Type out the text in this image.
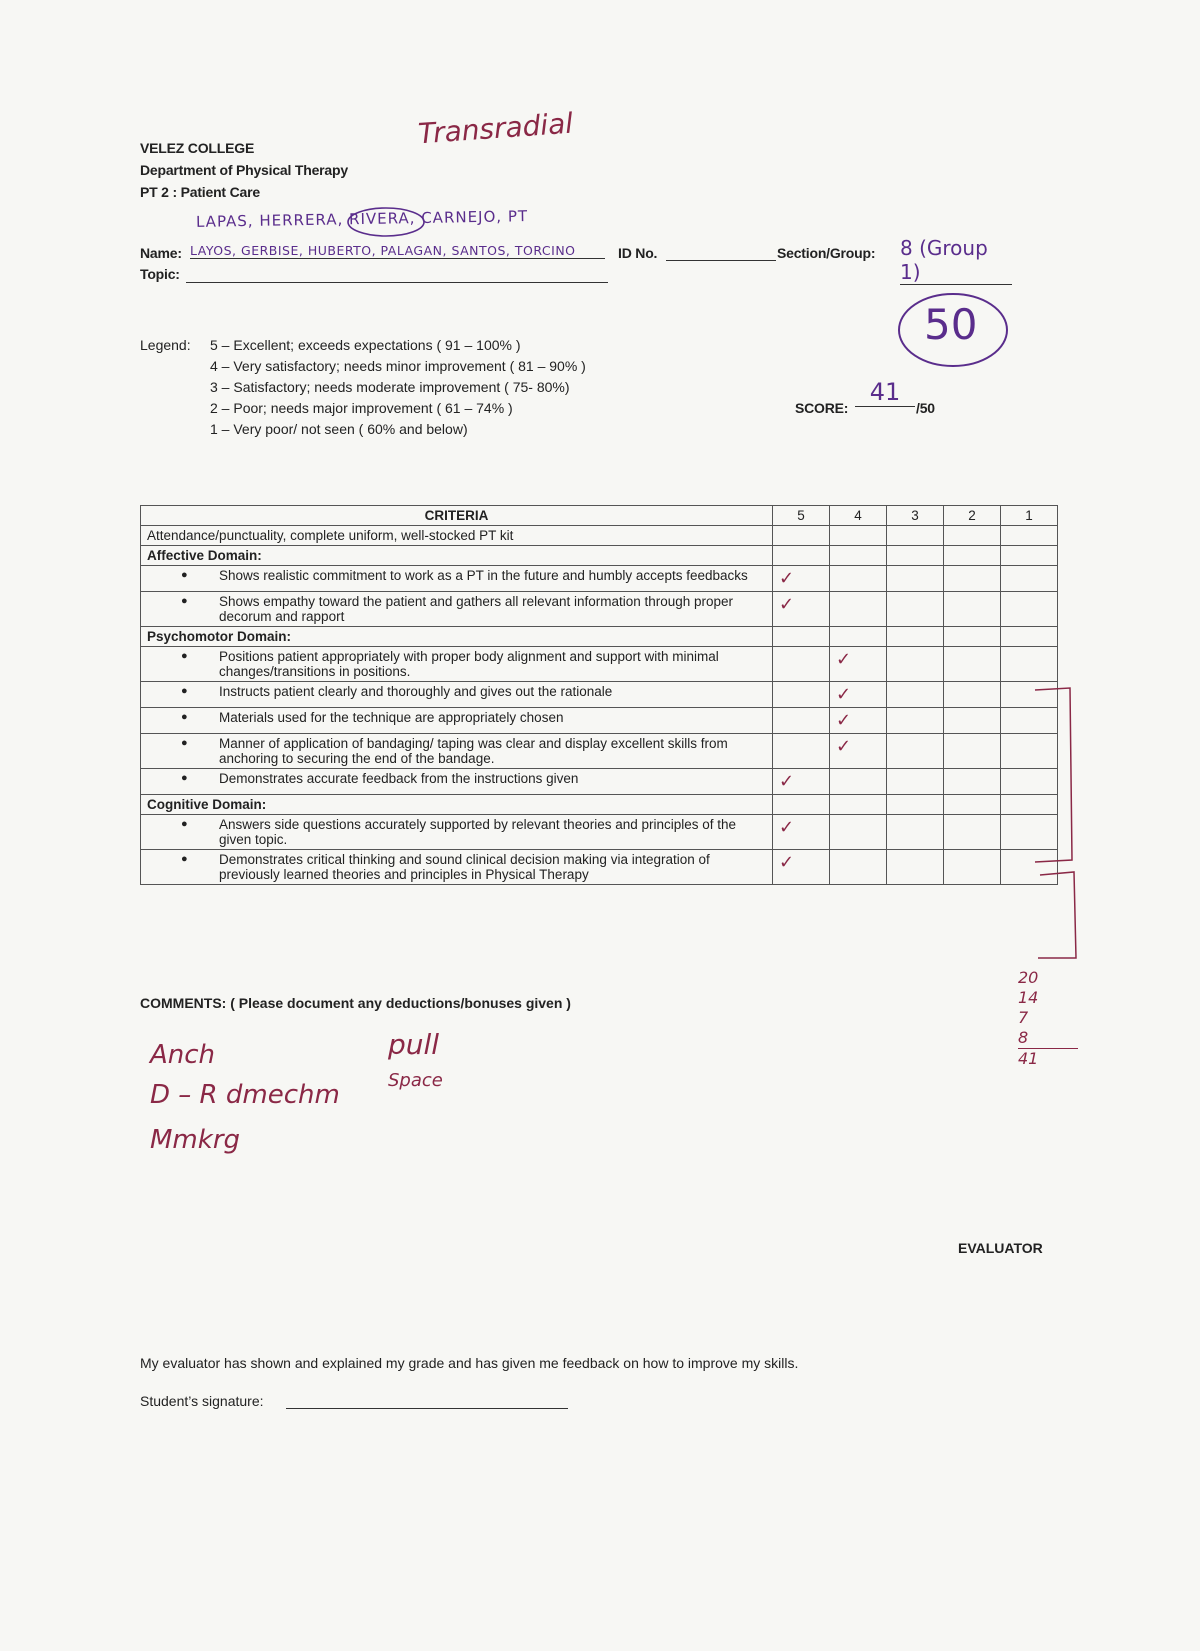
Transradial
VELEZ COLLEGE
Department of Physical Therapy
PT 2 : Patient Care
LAPAS, HERRERA, RIVERA, CARNEJO, PT
Name: LAYOS, GERBISE, HUBERTO, PALAGAN, SANTOS, TORCINO	ID No.	Section/Group: 8 (Group 1)
Topic:
50
Legend: 5 – Excellent; exceeds expectations ( 91 – 100% )
4 – Very satisfactory; needs minor improvement ( 81 – 90% )
3 – Satisfactory; needs moderate improvement ( 75- 80%)
2 – Poor; needs major improvement ( 61 – 74% )
1 – Very poor/ not seen ( 60% and below)
SCORE:
41
/50
CRITERIA	5	4	3	2	1
Attendance/punctuality, complete uniform, well-stocked PT kit					
Affective Domain:					

● Shows realistic commitment to work as a PT in the future and humbly accepts feedbacks	✓				

● Shows empathy toward the patient and gathers all relevant information through proper decorum and rapport	✓				
Psychomotor Domain:					

● Positions patient appropriately with proper body alignment and support with minimal changes/transitions in positions.		✓			

● Instructs patient clearly and thoroughly and gives out the rationale		✓			

● Materials used for the technique are appropriately chosen		✓			

● Manner of application of bandaging/ taping was clear and display excellent skills from anchoring to securing the end of the bandage.		✓			

● Demonstrates accurate feedback from the instructions given	✓				
Cognitive Domain:					

● Answers side questions accurately supported by relevant theories and principles of the given topic.	✓				

● Demonstrates critical thinking and sound clinical decision making via integration of previously learned theories and principles in Physical Therapy	✓				
COMMENTS: ( Please document any deductions/bonuses given )
Anch
D – R dmechm
Mmkrg
pull
Space
20
14
7
8
41
EVALUATOR
My evaluator has shown and explained my grade and has given me feedback on how to improve my skills.
Student’s signature:
